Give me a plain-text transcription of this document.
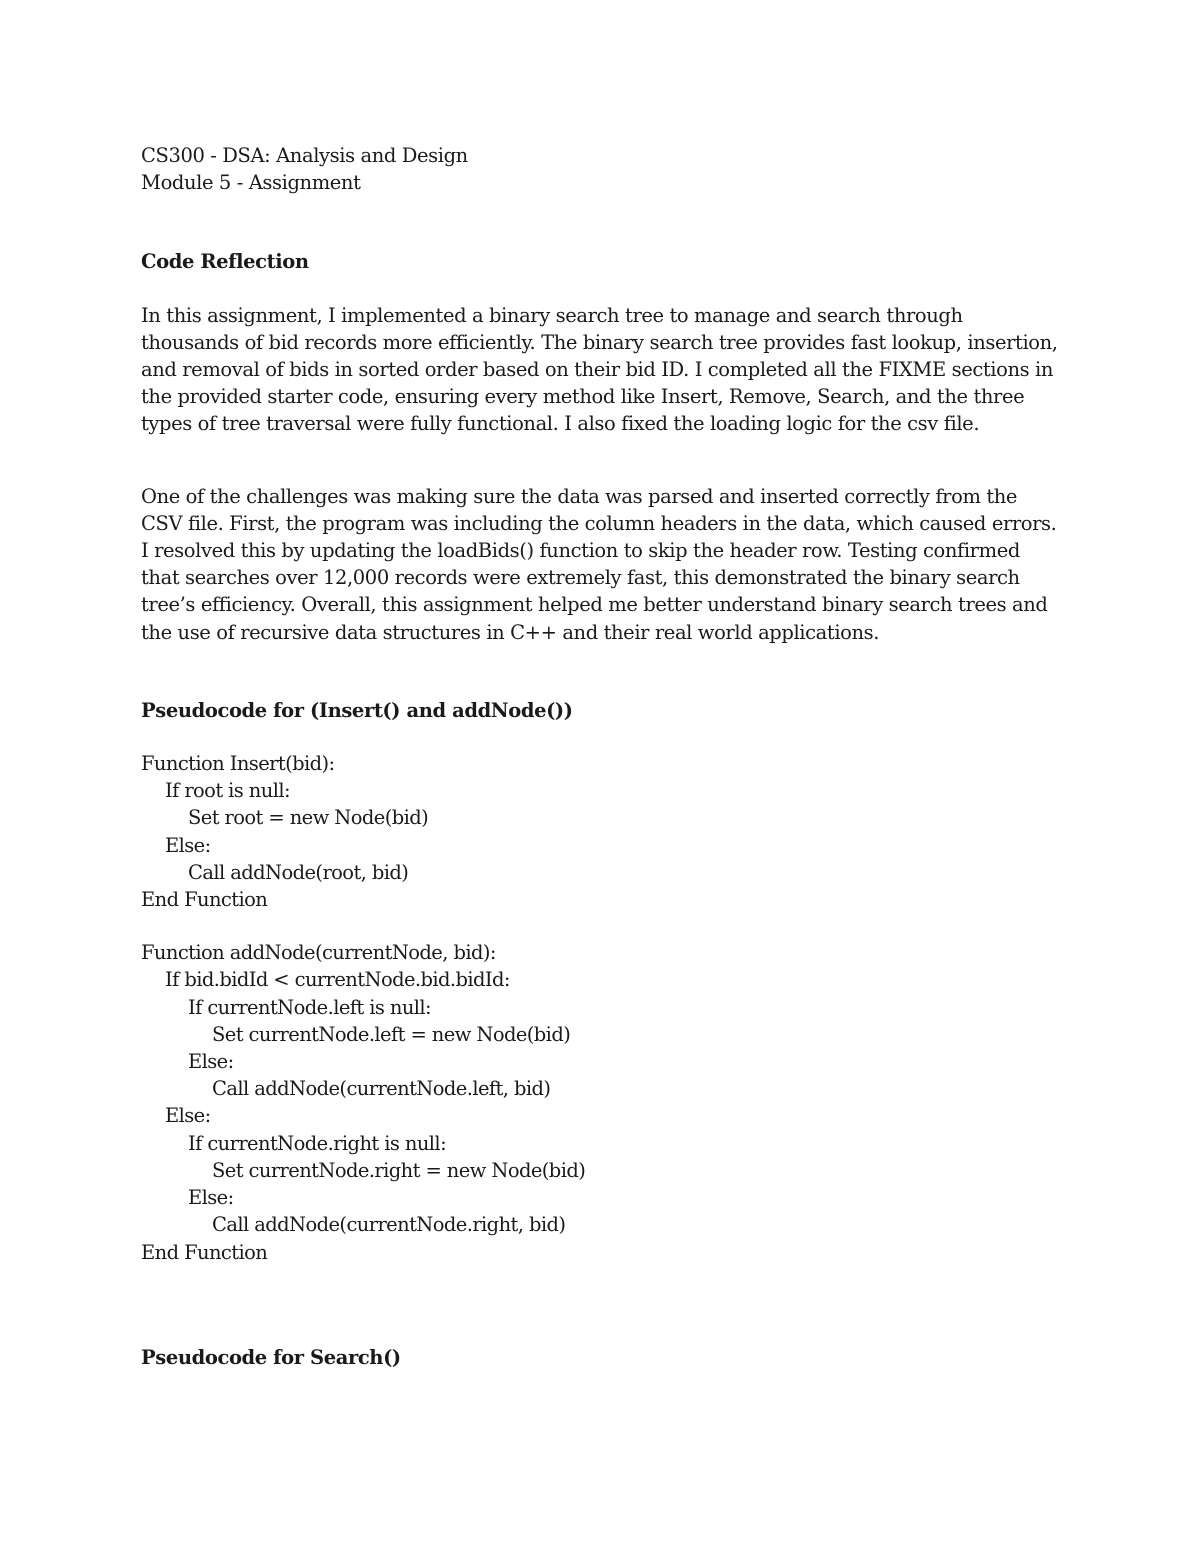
CS300 - DSA: Analysis and Design
Module 5 - Assignment
Code Reflection
In this assignment, I implemented a binary search tree to manage and search through thousands of bid records more efficiently. The binary search tree provides fast lookup, insertion, and removal of bids in sorted order based on their bid ID. I completed all the FIXME sections in the provided starter code, ensuring every method like Insert, Remove, Search, and the three types of tree traversal were fully functional. I also fixed the loading logic for the csv file.
One of the challenges was making sure the data was parsed and inserted correctly from the CSV file. First, the program was including the column headers in the data, which caused errors. I resolved this by updating the loadBids() function to skip the header row. Testing confirmed that searches over 12,000 records were extremely fast, this demonstrated the binary search tree’s efficiency. Overall, this assignment helped me better understand binary search trees and the use of recursive data structures in C++ and their real world applications.
Pseudocode for (Insert() and addNode())
Function Insert(bid):
If root is null:
Set root = new Node(bid)
Else:
Call addNode(root, bid)
End Function
Function addNode(currentNode, bid):
If bid.bidId < currentNode.bid.bidId:
If currentNode.left is null:
Set currentNode.left = new Node(bid)
Else:
Call addNode(currentNode.left, bid)
Else:
If currentNode.right is null:
Set currentNode.right = new Node(bid)
Else:
Call addNode(currentNode.right, bid)
End Function
Pseudocode for Search()
